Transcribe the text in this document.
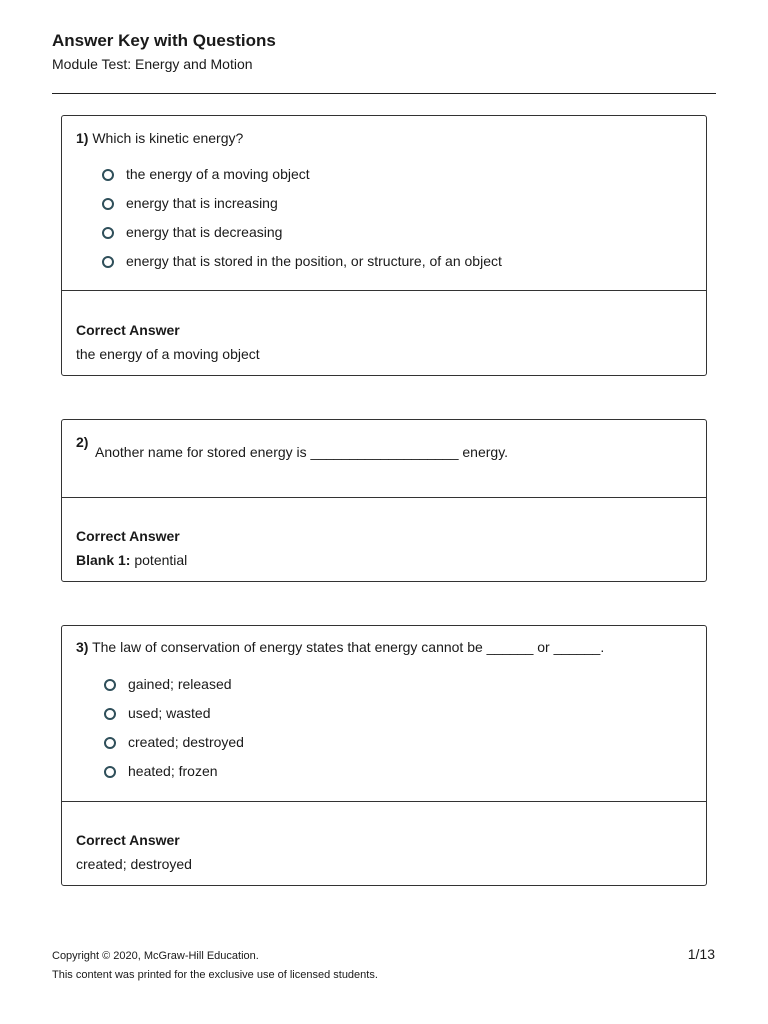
Answer Key with Questions
Module Test: Energy and Motion
1) Which is kinetic energy?
the energy of a moving object
energy that is increasing
energy that is decreasing
energy that is stored in the position, or structure, of an object
Correct Answer
the energy of a moving object
2)
Another name for stored energy is ___________________ energy.
Correct Answer
Blank 1: potential
3) The law of conservation of energy states that energy cannot be ______ or ______.
gained; released
used; wasted
created; destroyed
heated; frozen
Correct Answer
created; destroyed
Copyright © 2020, McGraw-Hill Education.
This content was printed for the exclusive use of licensed students.
1/13
